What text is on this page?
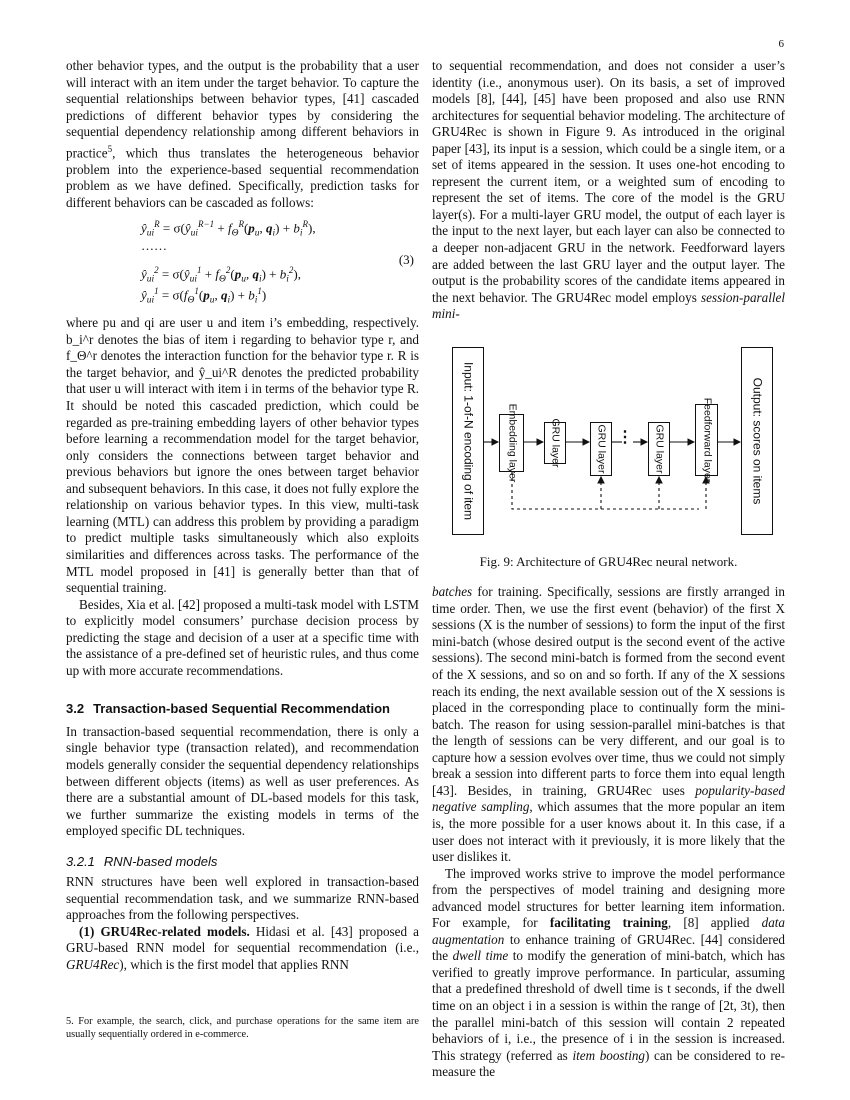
6

other behavior types, and the output is the probability that a user will interact with an item under the target behavior. To capture the sequential relationships between behavior types, [41] cascaded predictions of different behavior types by considering the sequential dependency relationship among different behaviors in practice$^5$, which thus translates the heterogeneous behavior problem into the experience-based sequential recommendation problem as we have defined. Specifically, prediction tasks for different behaviors can be cascaded as follows:

$ŷ_{ui}^R$ = $\sigma(ŷ_{ui}^{R-1} + f_\Theta^R(p_u$, $q_i) + b_i^R$),
……
$ŷ_{ui}^2$ = $\sigma(ŷ_{ui}^1 + f_\Theta^2(p_u$, $q_i) + b_i^2$),
$ŷ_{ui}^1 = \sigma(f_\Theta^1(p_u$, $q_i) + b_i^1$)
(3)

where pu and qi are user u and item i’s embedding, respectively. b_i^r denotes the bias of item i regarding to behavior type r, and f_Θ^r denotes the interaction function for the behavior type r. R is the target behavior, and ŷ_ui^R denotes the predicted probability that user u will interact with item i in terms of the behavior type R. It should be noted this cascaded prediction, which could be regarded as pre-training embedding layers of other behavior types before learning a recommendation model for the target behavior, only considers the connections between target behavior and previous behaviors but ignore the ones between target behavior and subsequent behaviors. In this case, it does not fully explore the relationship on various behavior types. In this view, multi-task learning (MTL) can address this problem by providing a paradigm to predict multiple tasks simultaneously which also exploits similarities and differences across tasks. The performance of the MTL model proposed in [41] is generally better than that of sequential training.

Besides, Xia et al. [42] proposed a multi-task model with LSTM to explicitly model consumers’ purchase decision process by predicting the stage and decision of a user at a specific time with the assistance of a pre-defined set of heuristic rules, and thus come up with more accurate recommendations.

3.2 Transaction-based Sequential Recommendation

In transaction-based sequential recommendation, there is only a single behavior type (transaction related), and recommendation models generally consider the sequential dependency relationships between different objects (items) as well as user preferences. As there are a substantial amount of DL-based models for this task, we further summarize the existing models in terms of the employed specific DL techniques.

3.2.1 RNN-based models

RNN structures have been well explored in transaction-based sequential recommendation task, and we summarize RNN-based approaches from the following perspectives.

(1) GRU4Rec-related models. Hidasi et al. [43] proposed a GRU-based RNN model for sequential recommendation (i.e., GRU4Rec), which is the first model that applies RNN

5. For example, the search, click, and purchase operations for the same item are usually sequentially ordered in e-commerce.

to sequential recommendation, and does not consider a user’s identity (i.e., anonymous user). On its basis, a set of improved models [8], [44], [45] have been proposed and also use RNN architectures for sequential behavior modeling. The architecture of GRU4Rec is shown in Figure 9. As introduced in the original paper [43], its input is a session, which could be a single item, or a set of items appeared in the session. It uses one-hot encoding to represent the current item, or a weighted sum of encoding to represent the set of items. The core of the model is the GRU layer(s). For a multi-layer GRU model, the output of each layer is the input to the next layer, but each layer can also be connected to a deeper non-adjacent GRU in the network. Feedforward layers are added between the last GRU layer and the output layer. The output is the probability scores of the candidate items appeared in the next behavior. The GRU4Rec model employs session-parallel mini-

Input: 1-of-N encoding of item	Embedding layer	GRU layer	GRU layer ⋮ GRU layer	Feedforward layer	Output: scores on items
Fig. 9: Architecture of GRU4Rec neural network.

batches for training. Specifically, sessions are firstly arranged in time order. Then, we use the first event (behavior) of the first X sessions (X is the number of sessions) to form the input of the first mini-batch (whose desired output is the second event of the active sessions). The second mini-batch is formed from the second event of the X sessions, and so on and so forth. If any of the X sessions reach its ending, the next available session out of the X sessions is placed in the corresponding place to continually form the mini-batch. The reason for using session-parallel mini-batches is that the length of sessions can be very different, and our goal is to capture how a session evolves over time, thus we could not simply break a session into different parts to force them into equal length [43]. Besides, in training, GRU4Rec uses popularity-based negative sampling, which assumes that the more popular an item is, the more possible for a user knows about it. In this case, if a user does not interact with it previously, it is more likely that the user dislikes it.

The improved works strive to improve the model performance from the perspectives of model training and designing more advanced model structures for better learning item information. For example, for facilitating training, [8] applied data augmentation to enhance training of GRU4Rec. [44] considered the dwell time to modify the generation of mini-batch, which has verified to greatly improve performance. In particular, assuming that a predefined threshold of dwell time is t seconds, if the dwell time on an object i in a session is within the range of [2t, 3t), then the parallel mini-batch of this session will contain 2 repeated behaviors of i, i.e., the presence of i in the session is increased. This strategy (referred as item boosting) can be considered to re-measure the
